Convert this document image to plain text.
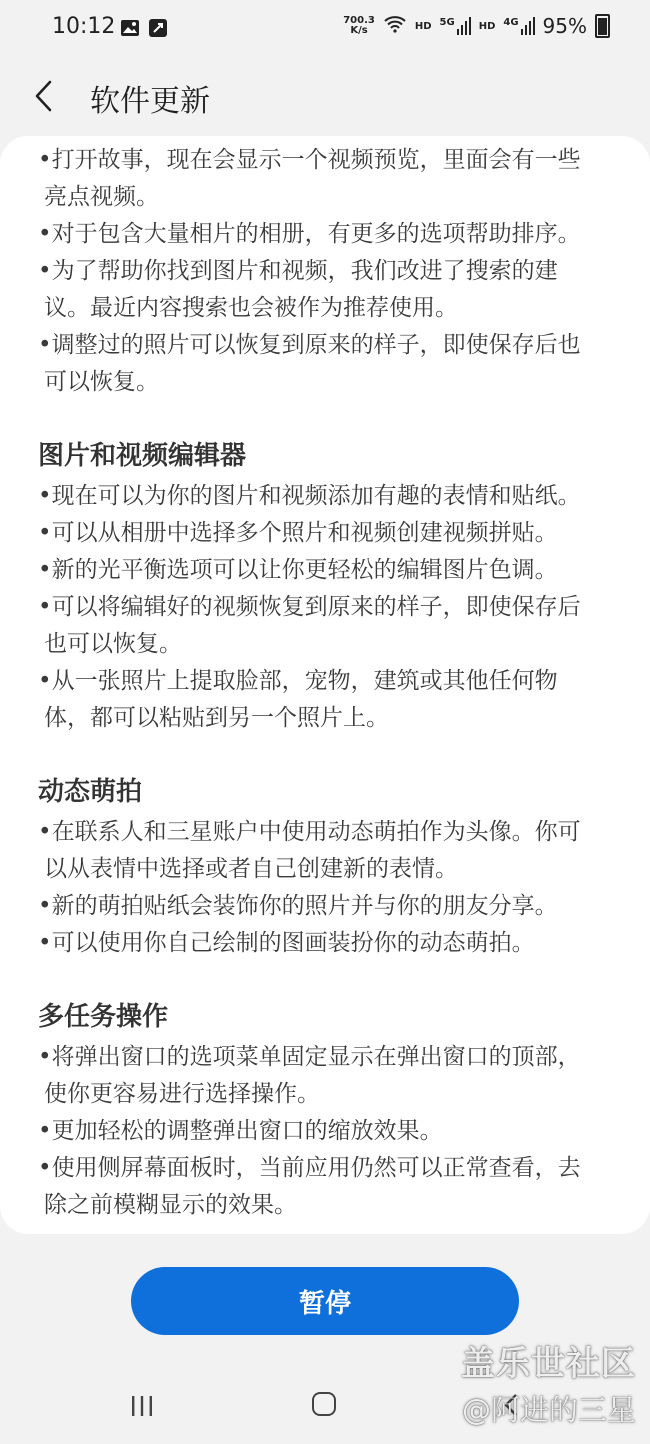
10:12	700.3
K/s	HD 5G HD 4G 95%
软件更新
•打开故事，现在会显示一个视频预览，里面会有一些
亮点视频。
•对于包含大量相片的相册，有更多的选项帮助排序。
•为了帮助你找到图片和视频，我们改进了搜索的建
议。最近内容搜索也会被作为推荐使用。
•调整过的照片可以恢复到原来的样子，即使保存后也
可以恢复。
图片和视频编辑器
•现在可以为你的图片和视频添加有趣的表情和贴纸。
•可以从相册中选择多个照片和视频创建视频拼贴。
•新的光平衡选项可以让你更轻松的编辑图片色调。
•可以将编辑好的视频恢复到原来的样子，即使保存后
也可以恢复。
•从一张照片上提取脸部，宠物，建筑或其他任何物
体，都可以粘贴到另一个照片上。
动态萌拍
•在联系人和三星账户中使用动态萌拍作为头像。你可
以从表情中选择或者自己创建新的表情。
•新的萌拍贴纸会装饰你的照片并与你的朋友分享。
•可以使用你自己绘制的图画装扮你的动态萌拍。
多任务操作
•将弹出窗口的选项菜单固定显示在弹出窗口的顶部，
使你更容易进行选择操作。
•更加轻松的调整弹出窗口的缩放效果。
•使用侧屏幕面板时，当前应用仍然可以正常查看，去
除之前模糊显示的效果。
暂停
盖乐世社区
@阿进的三星
